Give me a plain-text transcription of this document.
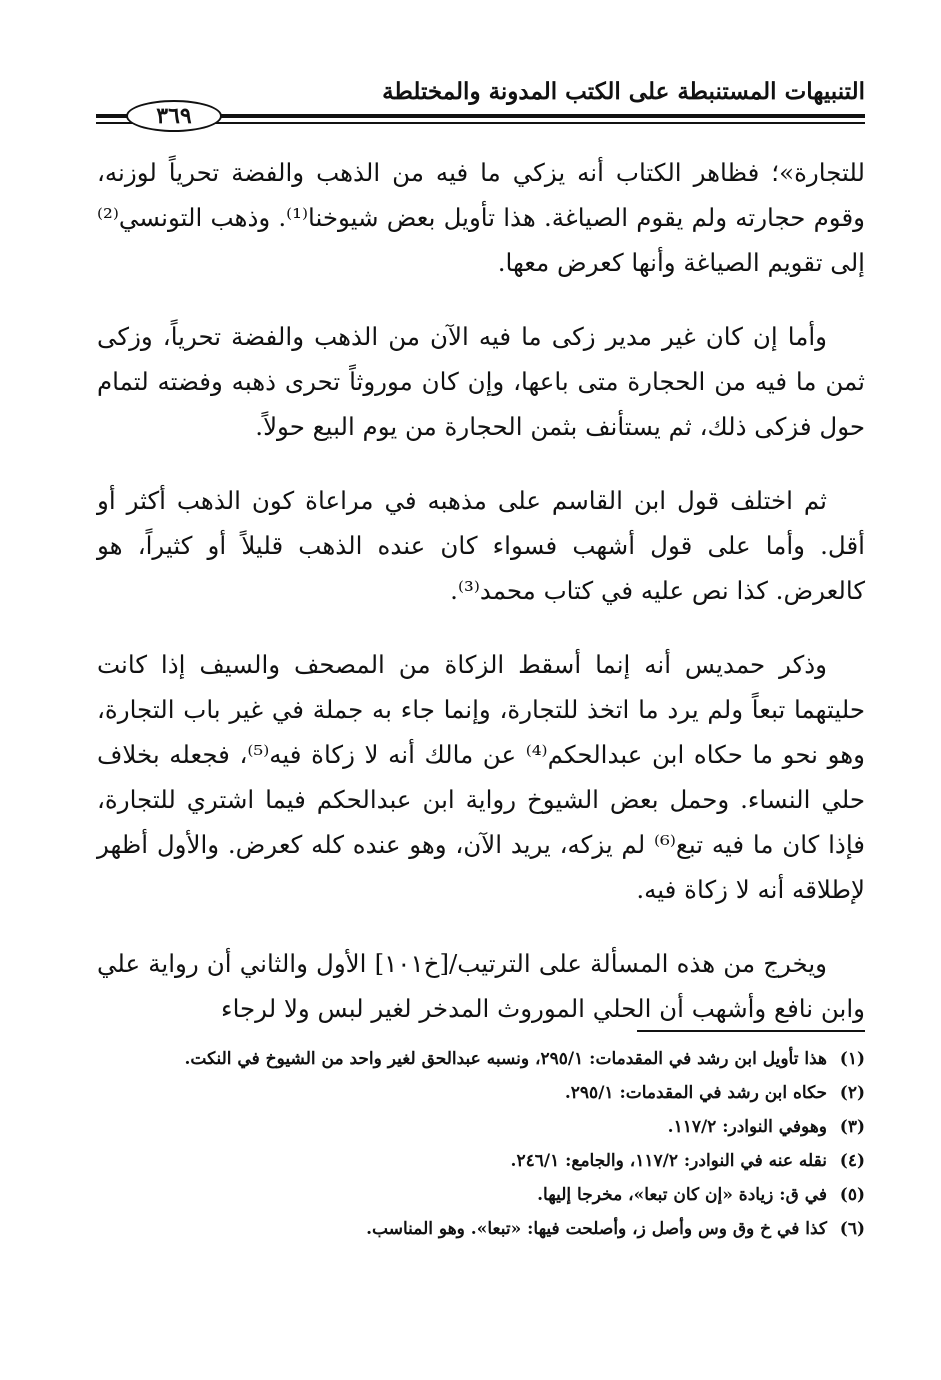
التنبيهات المستنبطة على الكتب المدونة والمختلطة
٣٦٩

للتجارة»؛ فظاهر الكتاب أنه يزكي ما فيه من الذهب والفضة تحرياً لوزنه، وقوم حجارته ولم يقوم الصياغة. هذا تأويل بعض شيوخنا⁽¹⁾. وذهب التونسي⁽²⁾ إلى تقويم الصياغة وأنها كعرض معها.

وأما إن كان غير مدير زكى ما فيه الآن من الذهب والفضة تحرياً، وزكى ثمن ما فيه من الحجارة متى باعها، وإن كان موروثاً تحرى ذهبه وفضته لتمام حول فزكى ذلك، ثم يستأنف بثمن الحجارة من يوم البيع حولاً.

ثم اختلف قول ابن القاسم على مذهبه في مراعاة كون الذهب أكثر أو أقل. وأما على قول أشهب فسواء كان عنده الذهب قليلاً أو كثيراً، هو كالعرض. كذا نص عليه في كتاب محمد⁽³⁾.

وذكر حمديس أنه إنما أسقط الزكاة من المصحف والسيف إذا كانت حليتهما تبعاً ولم يرد ما اتخذ للتجارة، وإنما جاء به جملة في غير باب التجارة، وهو نحو ما حكاه ابن عبدالحكم⁽⁴⁾ عن مالك أنه لا زكاة فيه⁽⁵⁾، فجعله بخلاف حلي النساء. وحمل بعض الشيوخ رواية ابن عبدالحكم فيما اشتري للتجارة، فإذا كان ما فيه تبع⁽⁶⁾ لم يزكه، يريد الآن، وهو عنده كله كعرض. والأول أظهر لإطلاقه أنه لا زكاة فيه.

ويخرج من هذه المسألة على الترتيب/[خ١٠١] الأول والثاني أن رواية علي وابن نافع وأشهب أن الحلي الموروث المدخر لغير لبس ولا لرجاء

(١)
هذا تأويل ابن رشد في المقدمات: ٢٩٥/١، ونسبه عبدالحق لغير واحد من الشيوخ في النكت.
(٢)
حكاه ابن رشد في المقدمات: ٢٩٥/١.
(٣)
وهوفي النوادر: ١١٧/٢.
(٤)
نقله عنه في النوادر: ١١٧/٢، والجامع: ٢٤٦/١.
(٥)
في ق: زيادة «إن كان تبعا»، مخرجا إليها.
(٦)
كذا في خ وق وس وأصل ز، وأصلحت فيها: «تبعا». وهو المناسب.
